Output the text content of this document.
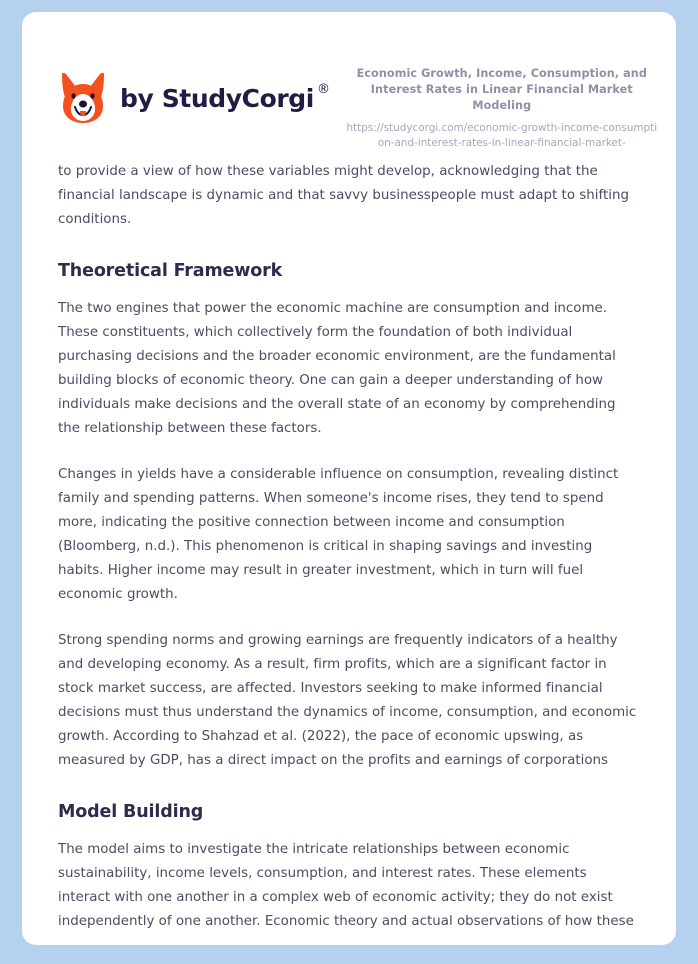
by StudyCorgi ®
Economic Growth, Income, Consumption, and Interest Rates in Linear Financial Market Modeling
https://studycorgi.com/economic-growth-income-consumption-and-interest-rates-in-linear-financial-market-

to provide a view of how these variables might develop, acknowledging that the financial landscape is dynamic and that savvy businesspeople must adapt to shifting conditions.

Theoretical Framework

The two engines that power the economic machine are consumption and income. These constituents, which collectively form the foundation of both individual purchasing decisions and the broader economic environment, are the fundamental building blocks of economic theory. One can gain a deeper understanding of how individuals make decisions and the overall state of an economy by comprehending the relationship between these factors.

Changes in yields have a considerable influence on consumption, revealing distinct family and spending patterns. When someone's income rises, they tend to spend more, indicating the positive connection between income and consumption (Bloomberg, n.d.). This phenomenon is critical in shaping savings and investing habits. Higher income may result in greater investment, which in turn will fuel economic growth.

Strong spending norms and growing earnings are frequently indicators of a healthy and developing economy. As a result, firm profits, which are a significant factor in stock market success, are affected. Investors seeking to make informed financial decisions must thus understand the dynamics of income, consumption, and economic growth. According to Shahzad et al. (2022), the pace of economic upswing, as measured by GDP, has a direct impact on the profits and earnings of corporations

Model Building

The model aims to investigate the intricate relationships between economic sustainability, income levels, consumption, and interest rates. These elements interact with one another in a complex web of economic activity; they do not exist independently of one another. Economic theory and actual observations of how these
